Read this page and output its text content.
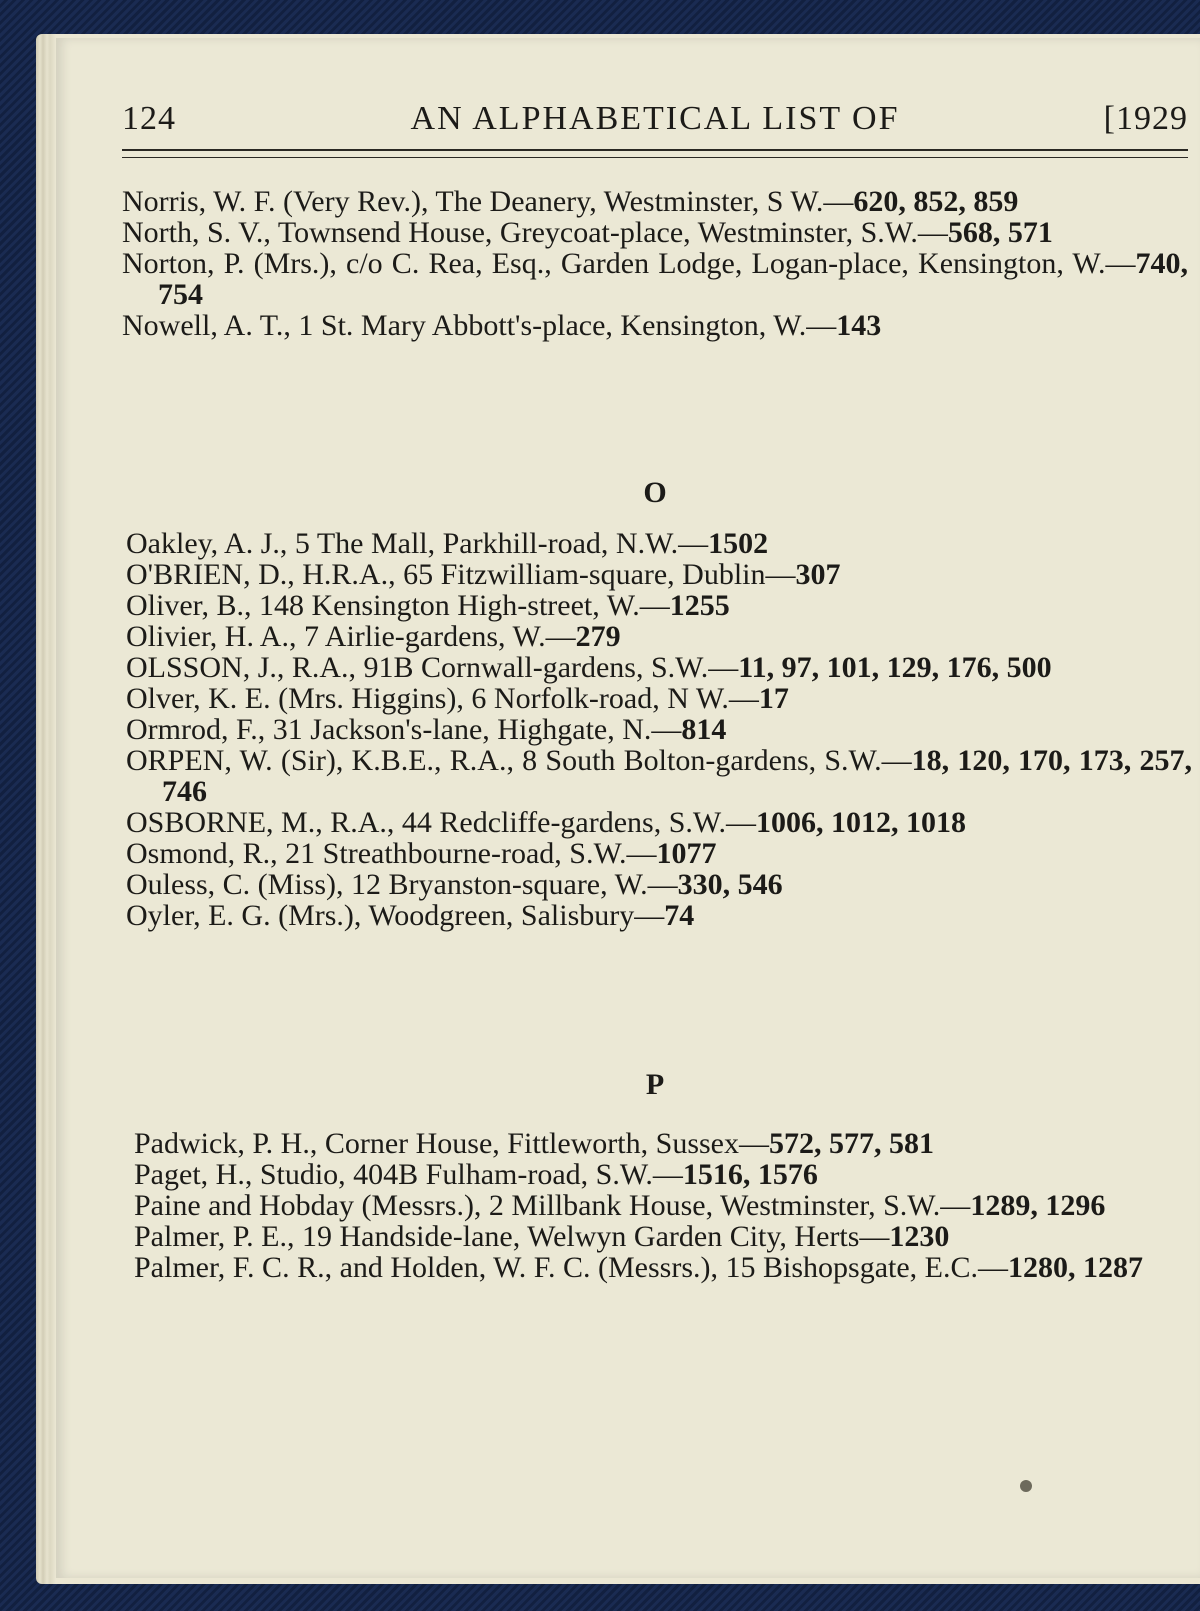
124	AN ALPHABETICAL LIST OF	[1929
Norris, W. F. (Very Rev.), The Deanery, Westminster, S W.—620, 852, 859
North, S. V., Townsend House, Greycoat-place, Westminster, S.W.—568, 571
Norton, P. (Mrs.), c/o C. Rea, Esq., Garden Lodge, Logan-place, Kensington, W.—740, 754
Nowell, A. T., 1 St. Mary Abbott's-place, Kensington, W.—143
O
Oakley, A. J., 5 The Mall, Parkhill-road, N.W.—1502
O'BRIEN, D., H.R.A., 65 Fitzwilliam-square, Dublin—307
Oliver, B., 148 Kensington High-street, W.—1255
Olivier, H. A., 7 Airlie-gardens, W.—279
OLSSON, J., R.A., 91B Cornwall-gardens, S.W.—11, 97, 101, 129, 176, 500
Olver, K. E. (Mrs. Higgins), 6 Norfolk-road, N W.—17
Ormrod, F., 31 Jackson's-lane, Highgate, N.—814
ORPEN, W. (Sir), K.B.E., R.A., 8 South Bolton-gardens, S.W.—18, 120, 170, 173, 257, 746
OSBORNE, M., R.A., 44 Redcliffe-gardens, S.W.—1006, 1012, 1018
Osmond, R., 21 Streathbourne-road, S.W.—1077
Ouless, C. (Miss), 12 Bryanston-square, W.—330, 546
Oyler, E. G. (Mrs.), Woodgreen, Salisbury—74
P
Padwick, P. H., Corner House, Fittleworth, Sussex—572, 577, 581
Paget, H., Studio, 404B Fulham-road, S.W.—1516, 1576
Paine and Hobday (Messrs.), 2 Millbank House, Westminster, S.W.—1289, 1296
Palmer, P. E., 19 Handside-lane, Welwyn Garden City, Herts—1230
Palmer, F. C. R., and Holden, W. F. C. (Messrs.), 15 Bishopsgate, E.C.—1280, 1287
